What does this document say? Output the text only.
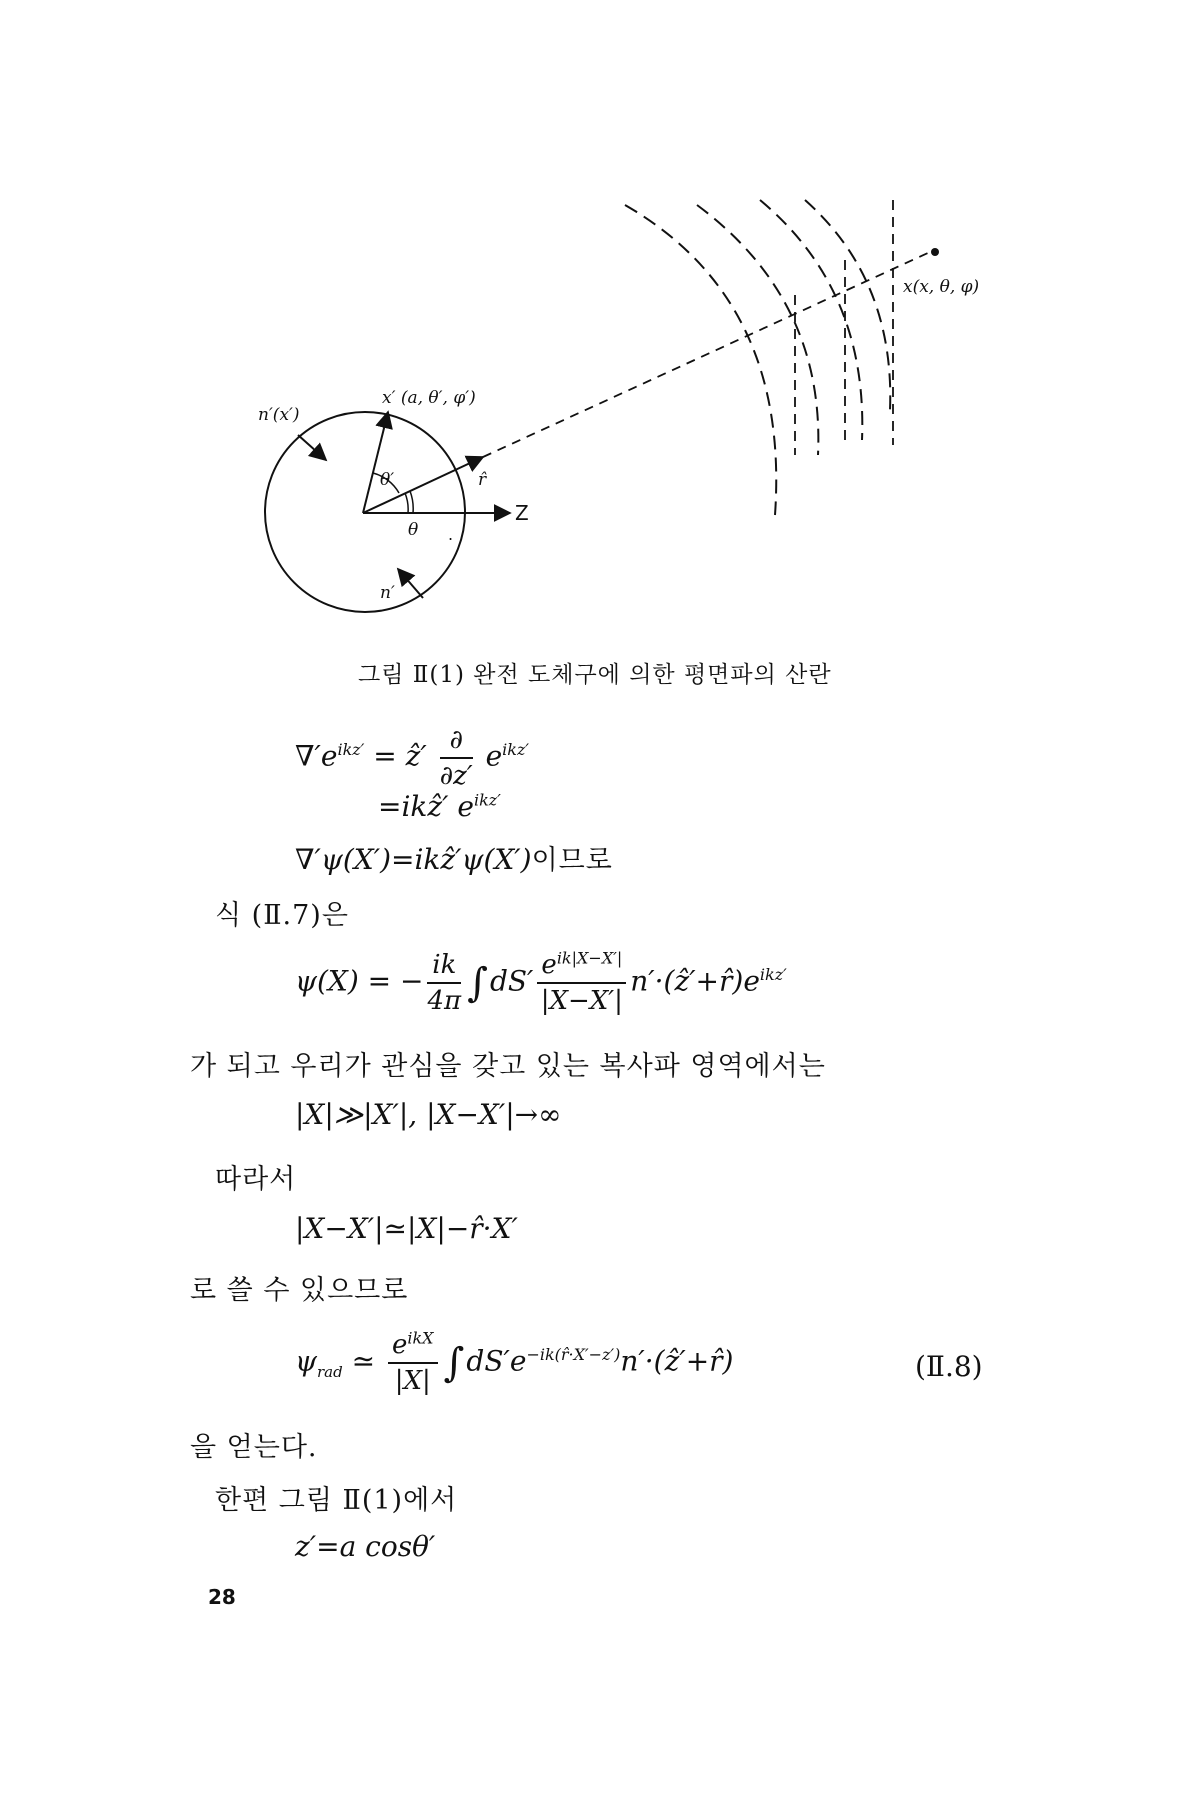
.
n′(x′)
x′ (a, θ′, φ′)
θ′
θ
r̂
Z
n′
x(x, θ, φ)
그림 Ⅱ(1) 완전 도체구에 의한 평면파의 산란
$\nabla'e^{ikz'}$ = ẑ′ $\frac{\partial}{\partial z'} e^{ikz'}$
=ikẑ′ $e^{ikz'}$
∇′ψ(X′)=ikẑ′ψ(X′)이므로
식 (Ⅱ.7)은
ψ(X) = − $\frac{ik}{4\pi} \int dS' \frac{e^{ik|X-X'|}}{|X-X'|}$ $n'\cdot(ẑ'+r̂)e^{ikz'}$
가 되고 우리가 관심을 갖고 있는 복사파 영역에서는
|X|≫|X′|, |X−X′|→∞
따라서
|X−X′|≃|X|−r̂·X′
로 쓸 수 있으므로
$\psi_{rad}$ ≃ $\frac{e^{ikX}}{|X|}$ $\int dS'e^{-ik(r̂\cdot X'-z')}n'\cdot(ẑ'+r̂)$	(Ⅱ.8)
을 얻는다.
한편 그림 Ⅱ(1)에서
z′=a cosθ′
28
